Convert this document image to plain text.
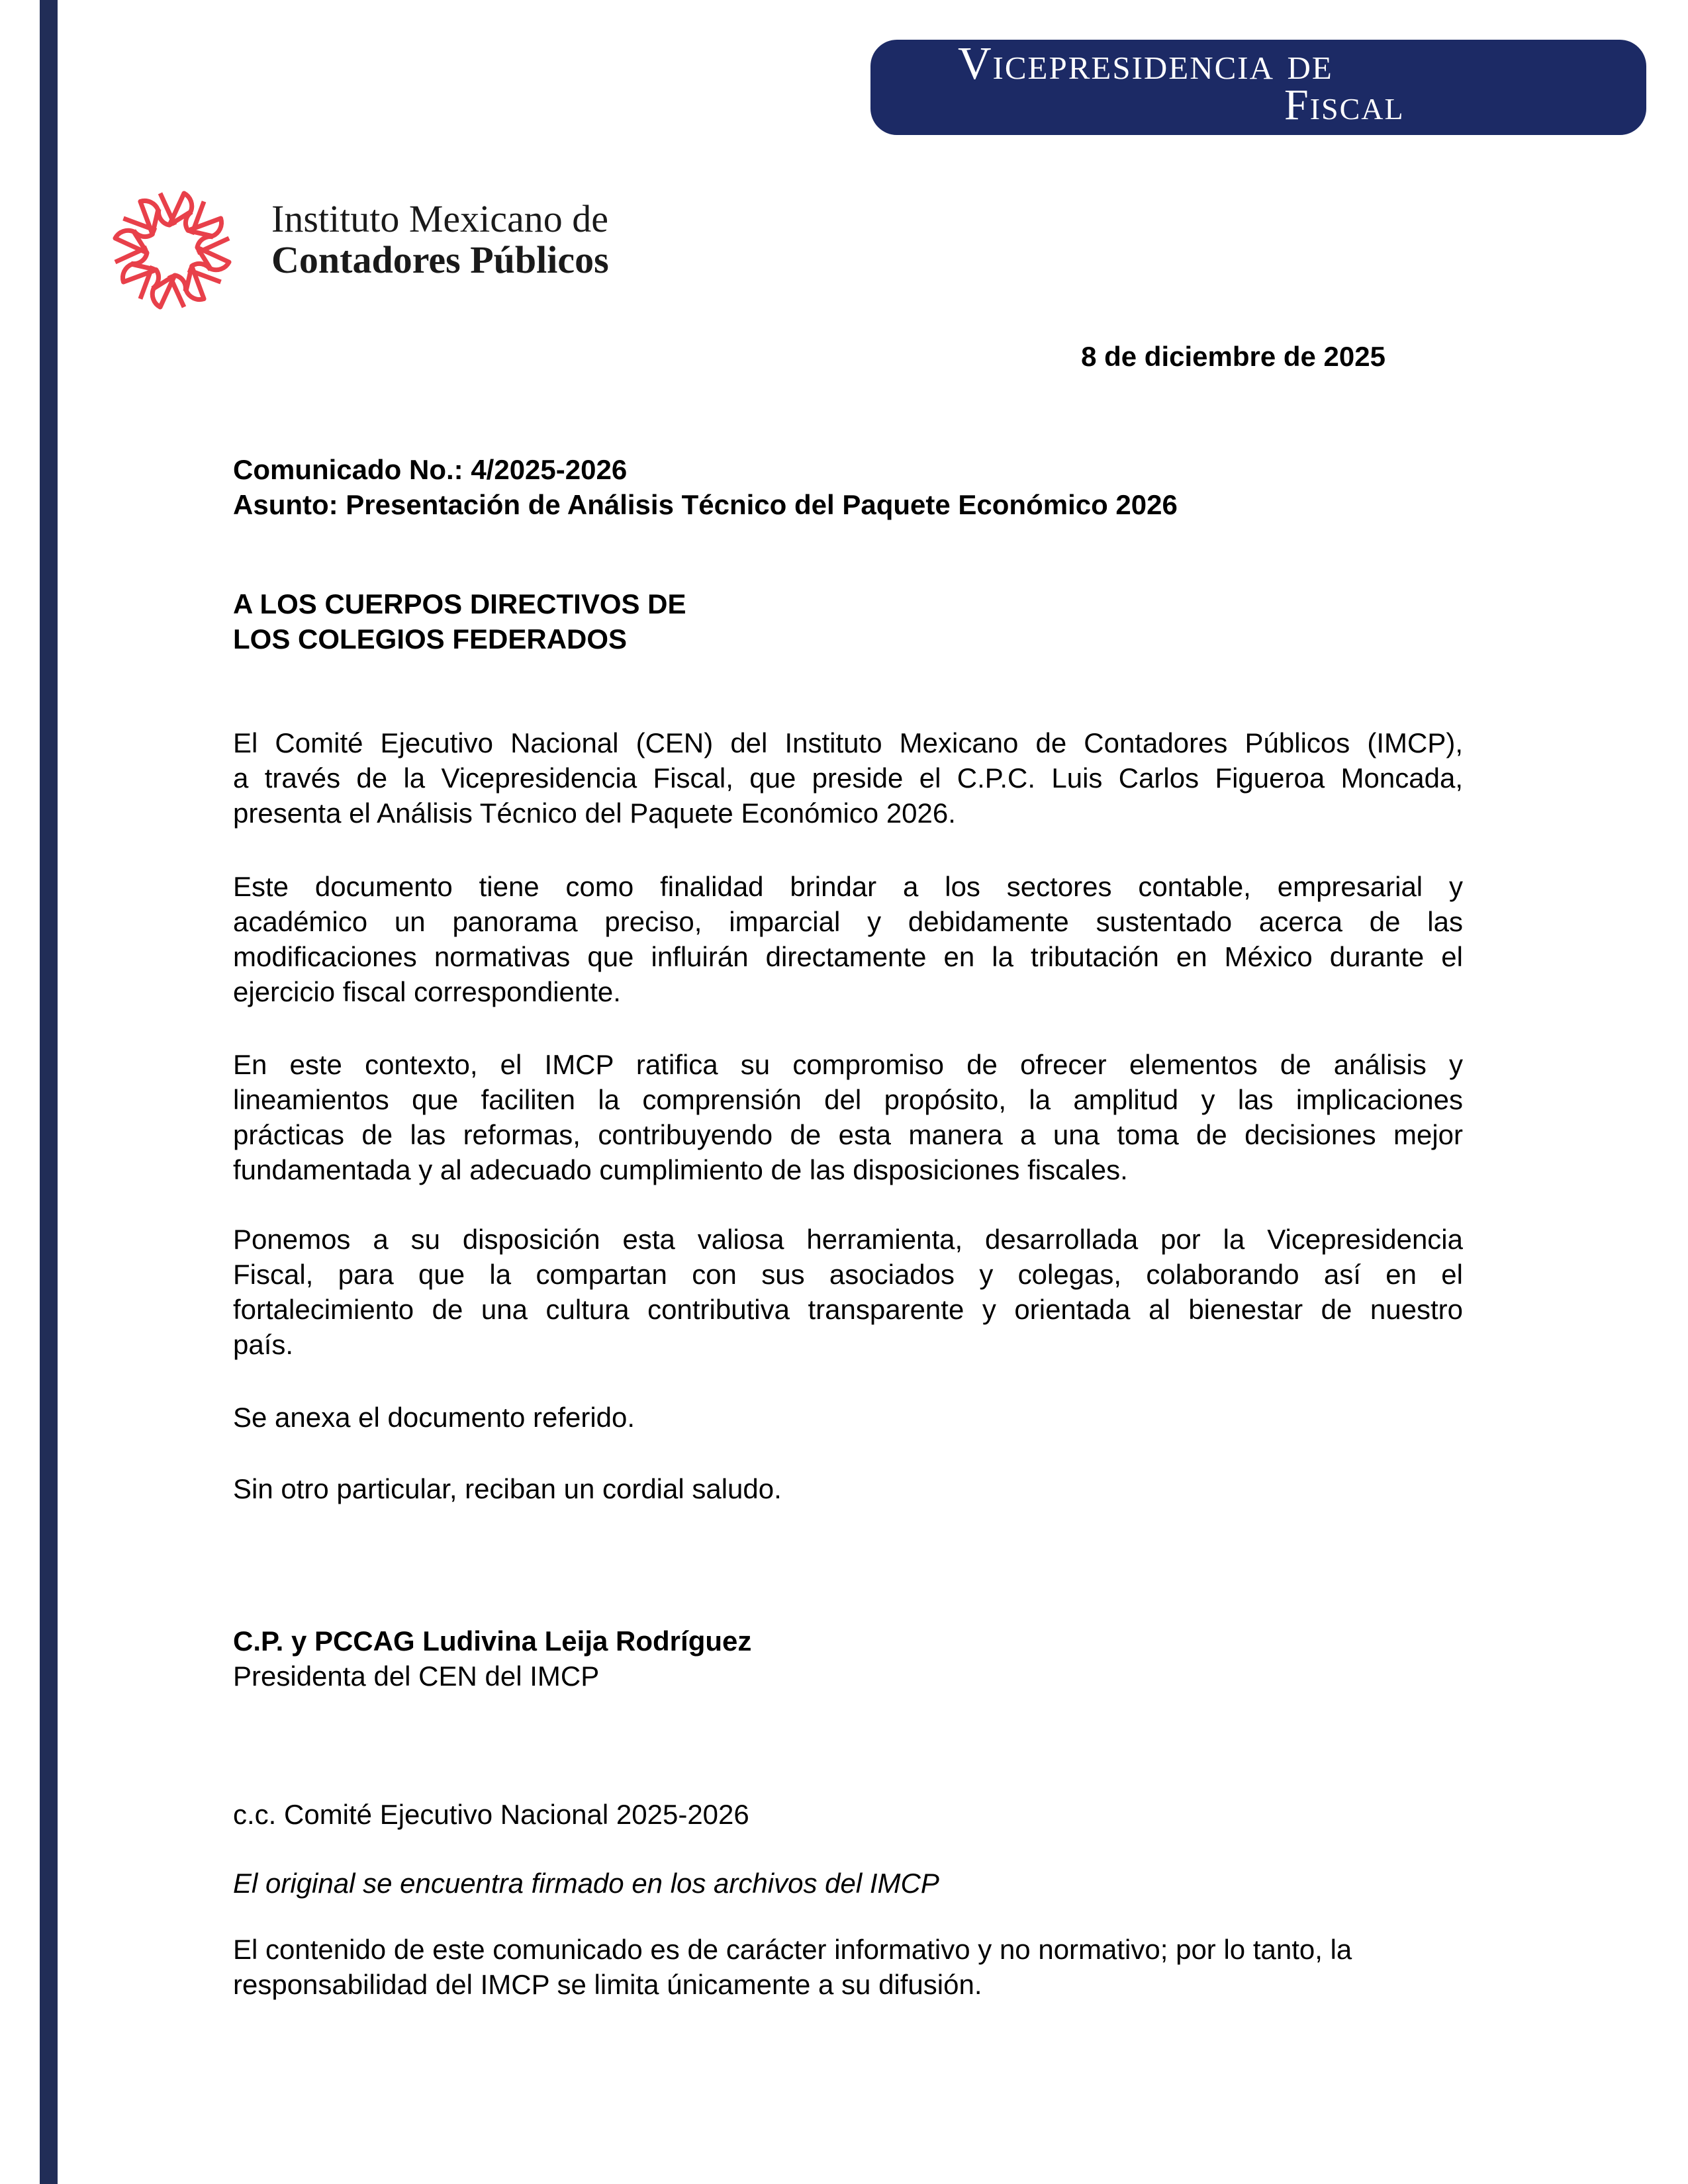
Vicepresidencia de
Fiscal
Instituto Mexicano de
Contadores Públicos
8 de diciembre de 2025
Comunicado No.: 4/2025-2026
Asunto: Presentación de Análisis Técnico del Paquete Económico 2026
A LOS CUERPOS DIRECTIVOS DE
LOS COLEGIOS FEDERADOS
El Comité Ejecutivo Nacional (CEN) del Instituto Mexicano de Contadores Públicos (IMCP),
a través de la Vicepresidencia Fiscal, que preside el C.P.C. Luis Carlos Figueroa Moncada,
presenta el Análisis Técnico del Paquete Económico 2026.
Este documento tiene como finalidad brindar a los sectores contable, empresarial y
académico un panorama preciso, imparcial y debidamente sustentado acerca de las
modificaciones normativas que influirán directamente en la tributación en México durante el
ejercicio fiscal correspondiente.
En este contexto, el IMCP ratifica su compromiso de ofrecer elementos de análisis y
lineamientos que faciliten la comprensión del propósito, la amplitud y las implicaciones
prácticas de las reformas, contribuyendo de esta manera a una toma de decisiones mejor
fundamentada y al adecuado cumplimiento de las disposiciones fiscales.
Ponemos a su disposición esta valiosa herramienta, desarrollada por la Vicepresidencia
Fiscal, para que la compartan con sus asociados y colegas, colaborando así en el
fortalecimiento de una cultura contributiva transparente y orientada al bienestar de nuestro
país.
Se anexa el documento referido.
Sin otro particular, reciban un cordial saludo.
C.P. y PCCAG Ludivina Leija Rodríguez
Presidenta del CEN del IMCP
c.c. Comité Ejecutivo Nacional 2025-2026
El original se encuentra firmado en los archivos del IMCP
El contenido de este comunicado es de carácter informativo y no normativo; por lo tanto, la
responsabilidad del IMCP se limita únicamente a su difusión.
